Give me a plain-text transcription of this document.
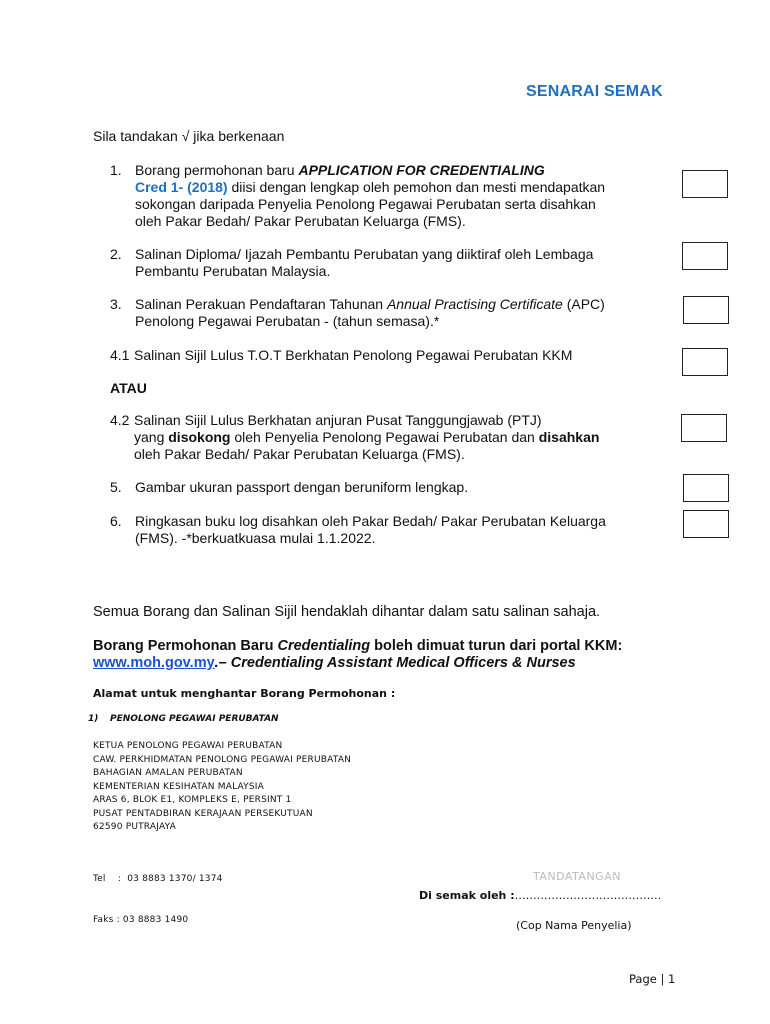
SENARAI SEMAK
Sila tandakan √ jika berkenaan
1. Borang permohonan baru APPLICATION FOR CREDENTIALING
Cred 1- (2018) diisi dengan lengkap oleh pemohon dan mesti mendapatkan
sokongan daripada Penyelia Penolong Pegawai Perubatan serta disahkan
oleh Pakar Bedah/ Pakar Perubatan Keluarga (FMS).
2. Salinan Diploma/ Ijazah Pembantu Perubatan yang diiktiraf oleh Lembaga
Pembantu Perubatan Malaysia.
3. Salinan Perakuan Pendaftaran Tahunan Annual Practising Certificate (APC)
Penolong Pegawai Perubatan - (tahun semasa).*
4.1 Salinan Sijil Lulus T.O.T Berkhatan Penolong Pegawai Perubatan KKM
ATAU
4.2 Salinan Sijil Lulus Berkhatan anjuran Pusat Tanggungjawab (PTJ)
yang disokong oleh Penyelia Penolong Pegawai Perubatan dan disahkan
oleh Pakar Bedah/ Pakar Perubatan Keluarga (FMS).
5. Gambar ukuran passport dengan beruniform lengkap.
6. Ringkasan buku log disahkan oleh Pakar Bedah/ Pakar Perubatan Keluarga
(FMS). -*berkuatkuasa mulai 1.1.2022.
Semua Borang dan Salinan Sijil hendaklah dihantar dalam satu salinan sahaja.
Borang Permohonan Baru Credentialing boleh dimuat turun dari portal KKM:
www.moh.gov.my.– Credentialing Assistant Medical Officers & Nurses
Alamat untuk menghantar Borang Permohonan :
1) PENOLONG PEGAWAI PERUBATAN
KETUA PENOLONG PEGAWAI PERUBATAN
CAW. PERKHIDMATAN PENOLONG PEGAWAI PERUBATAN
BAHAGIAN AMALAN PERUBATAN
KEMENTERIAN KESIHATAN MALAYSIA
ARAS 6, BLOK E1, KOMPLEKS E, PERSINT 1
PUSAT PENTADBIRAN KERAJAAN PERSEKUTUAN
62590 PUTRAJAYA

Tel    :  03 8883 1370/ 1374

Faks : 03 8883 1490

TANDATANGAN
Di semak oleh :………………………………….
(Cop Nama Penyelia)
Page | 1
